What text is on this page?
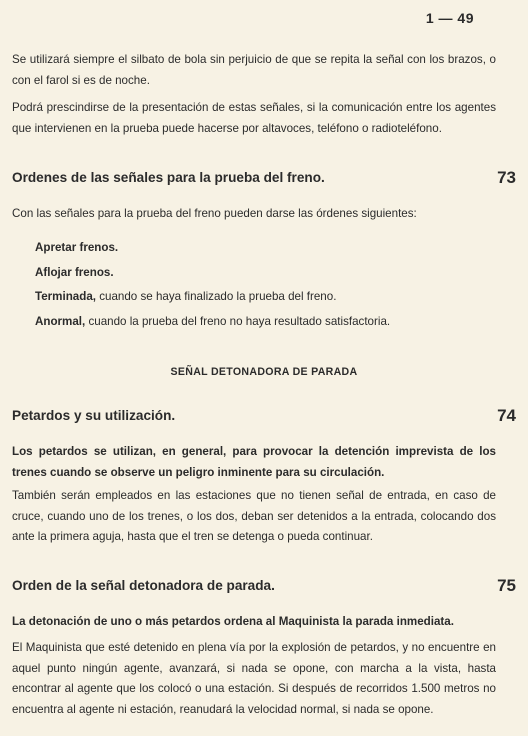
1 — 49

Se utilizará siempre el silbato de bola sin perjuicio de que se repita la señal con los brazos, o con el farol si es de noche.

Podrá prescindirse de la presentación de estas señales, si la comunicación entre los agentes que intervienen en la prueba puede hacerse por altavoces, teléfono o radioteléfono.

Ordenes de las señales para la prueba del freno.	73

Con las señales para la prueba del freno pueden darse las órdenes siguientes:

Apretar frenos.
Aflojar frenos.
Terminada, cuando se haya finalizado la prueba del freno.
Anormal, cuando la prueba del freno no haya resultado satisfactoria.
SEÑAL DETONADORA DE PARADA
Petardos y su utilización.	74

Los petardos se utilizan, en general, para provocar la detención imprevista de los trenes cuando se observe un peligro inminente para su circulación.

También serán empleados en las estaciones que no tienen señal de entrada, en caso de cruce, cuando uno de los trenes, o los dos, deban ser detenidos a la entrada, colocando dos ante la primera aguja, hasta que el tren se detenga o pueda continuar.

Orden de la señal detonadora de parada.	75

La detonación de uno o más petardos ordena al Maquinista la parada inmediata.

El Maquinista que esté detenido en plena vía por la explosión de petardos, y no encuentre en aquel punto ningún agente, avanzará, si nada se opone, con marcha a la vista, hasta encontrar al agente que los colocó o una estación. Si después de recorridos 1.500 metros no encuentra al agente ni estación, reanudará la velocidad normal, si nada se opone.
